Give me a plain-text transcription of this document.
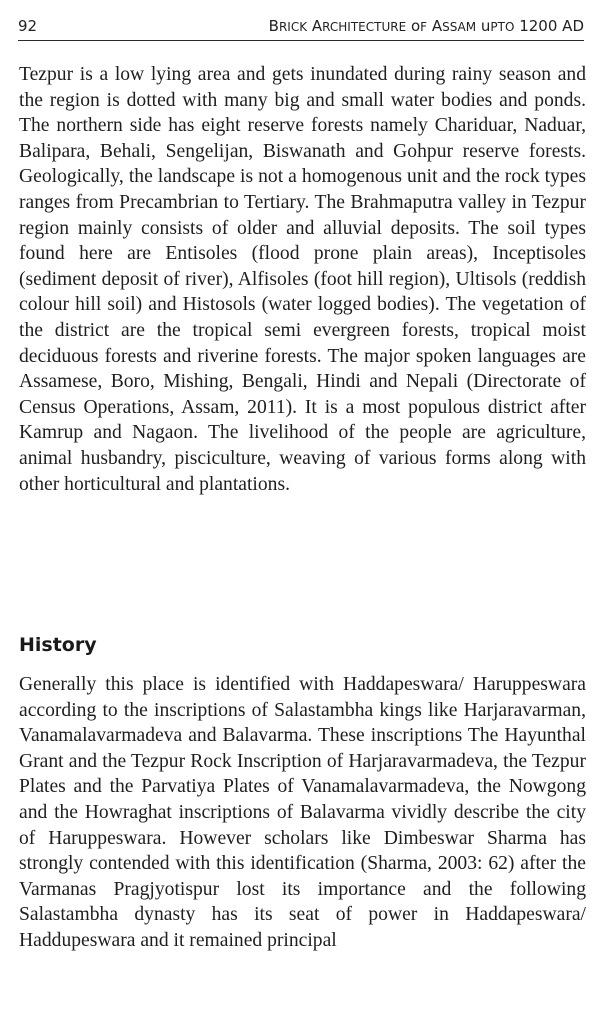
92	BRICK ARCHITECTURE oF ASSAM uPTO 1200 AD

Tezpur is a low lying area and gets inundated during rainy season and the region is dotted with many big and small water bodies and ponds. The northern side has eight reserve forests namely Chariduar, Naduar, Balipara, Behali, Sengelijan, Biswanath and Gohpur reserve forests. Geologically, the landscape is not a homogenous unit and the rock types ranges from Precambrian to Tertiary. The Brahmaputra valley in Tezpur region mainly consists of older and alluvial deposits. The soil types found here are Entisoles (flood prone plain areas), Inceptisoles (sediment deposit of river), Alfisoles (foot hill region), Ultisols (reddish colour hill soil) and Histosols (water logged bodies). The vegetation of the district are the tropical semi evergreen forests, tropical moist deciduous forests and riverine forests. The major spoken languages are Assamese, Boro, Mishing, Bengali, Hindi and Nepali (Directorate of Census Operations, Assam, 2011). It is a most populous district after Kamrup and Nagaon. The livelihood of the people are agriculture, animal husbandry, pisciculture, weaving of various forms along with other horticultural and plantations.

History

Generally this place is identified with Haddapeswara/ Haruppeswara according to the inscriptions of Salastambha kings like Harjaravarman, Vanamalavarmadeva and Balavarma. These inscriptions The Hayunthal Grant and the Tezpur Rock Inscription of Harjaravarmadeva, the Tezpur Plates and the Parvatiya Plates of Vanamalavarmadeva, the Nowgong and the Howraghat inscriptions of Balavarma vividly describe the city of Haruppeswara. However scholars like Dimbeswar Sharma has strongly contended with this identification (Sharma, 2003: 62) after the Varmanas Pragjyotispur lost its importance and the following Salastambha dynasty has its seat of power in Haddapeswara/ Haddupeswara and it remained principal
